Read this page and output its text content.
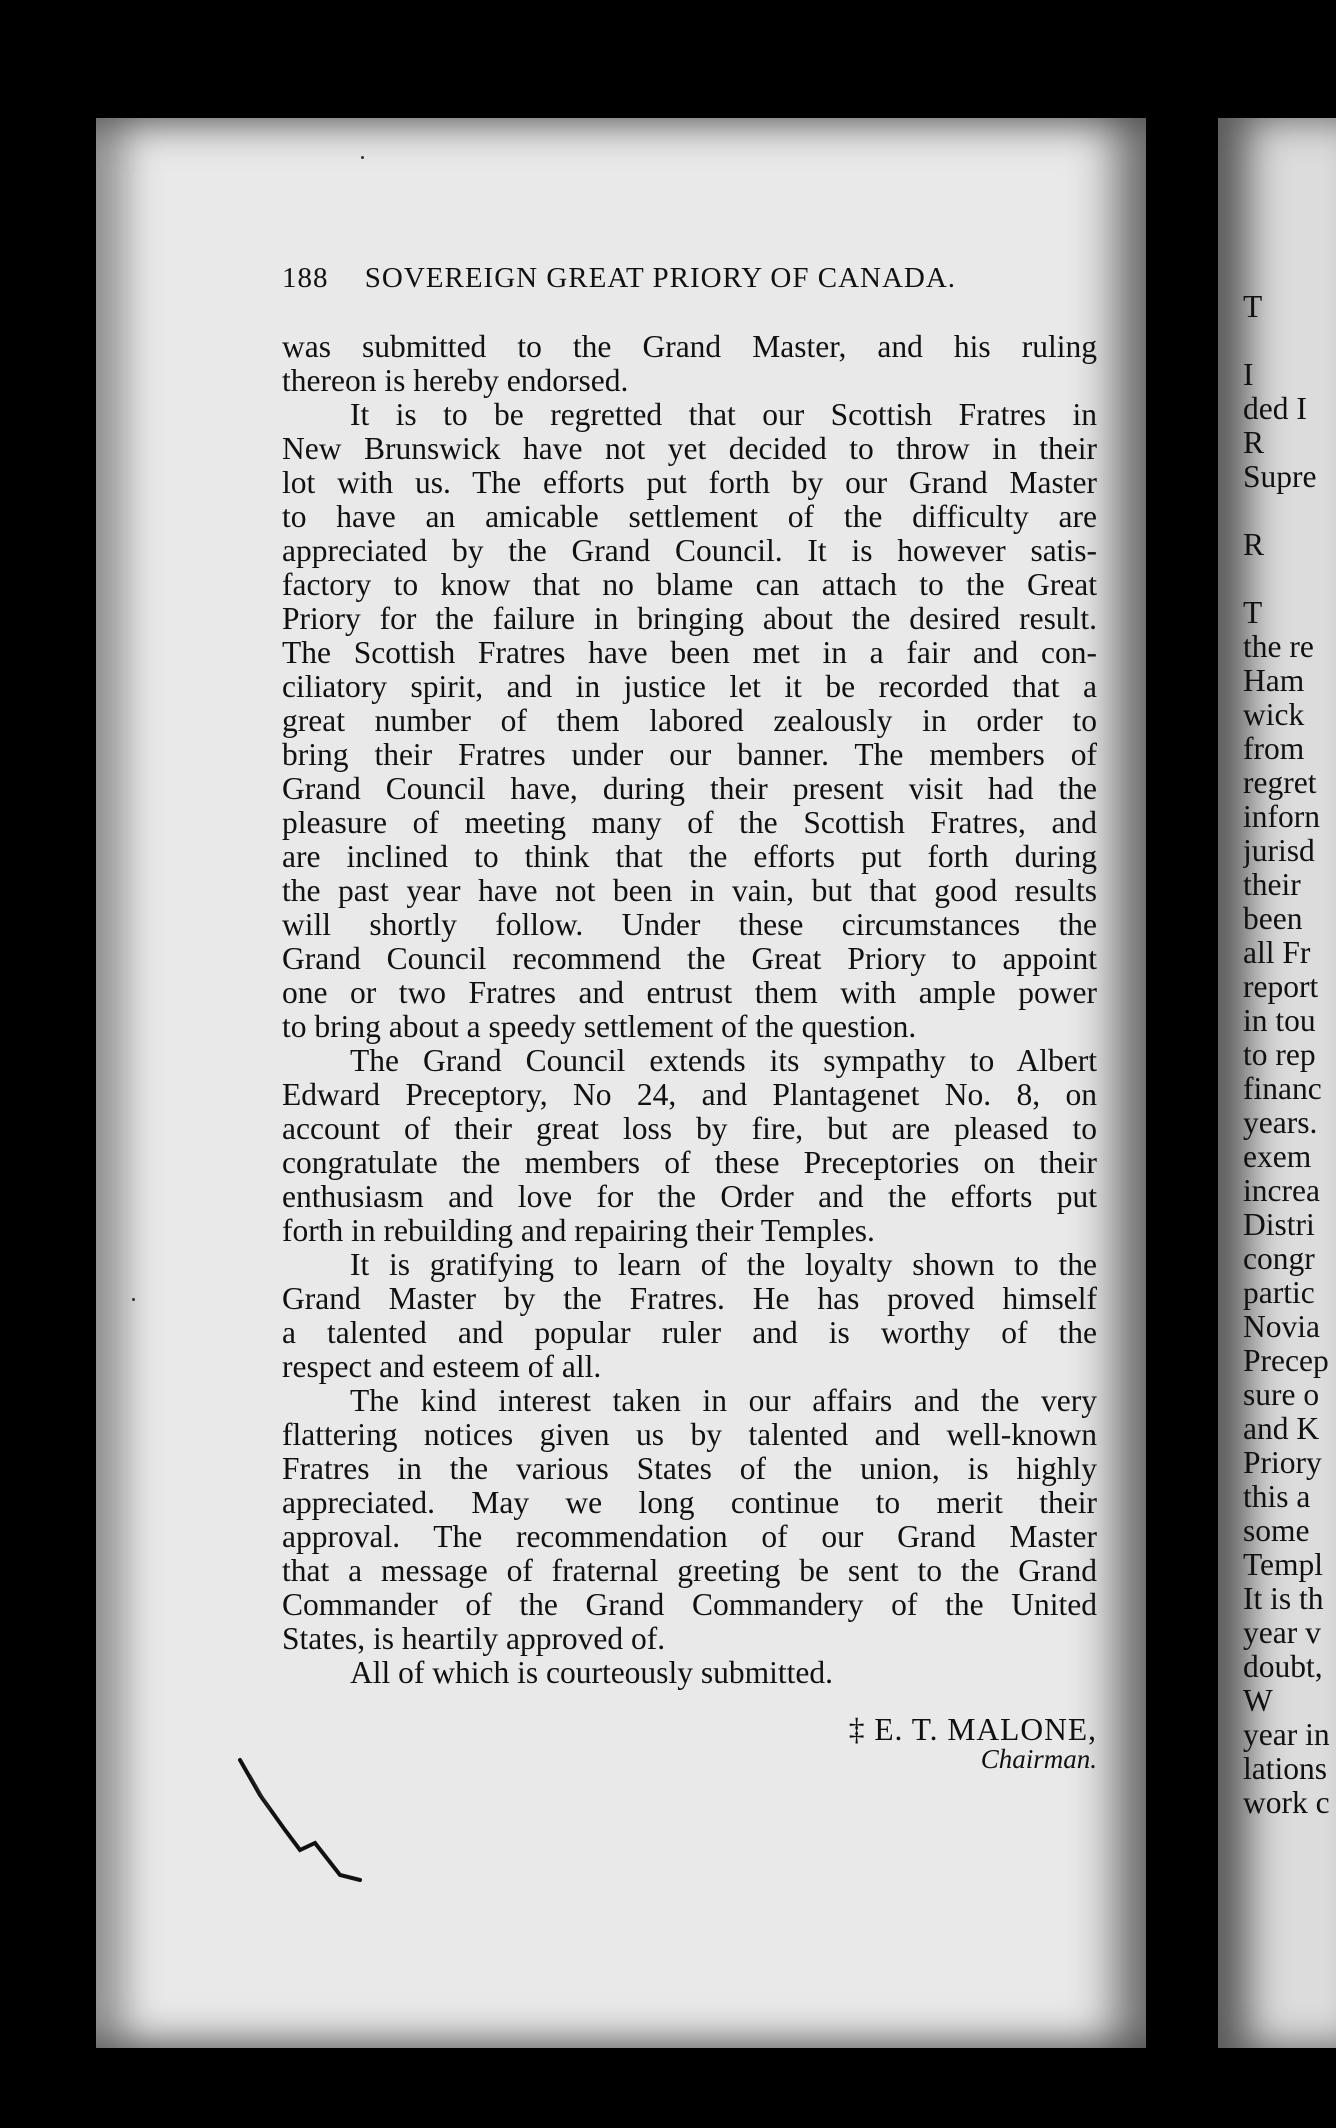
188 SOVEREIGN GREAT PRIORY OF CANADA.
was submitted to the Grand Master, and his ruling
thereon is hereby endorsed.
It is to be regretted that our Scottish Fratres in
New Brunswick have not yet decided to throw in their
lot with us. The efforts put forth by our Grand Master
to have an amicable settlement of the difficulty are
appreciated by the Grand Council. It is however satis-
factory to know that no blame can attach to the Great
Priory for the failure in bringing about the desired result.
The Scottish Fratres have been met in a fair and con-
ciliatory spirit, and in justice let it be recorded that a
great number of them labored zealously in order to
bring their Fratres under our banner. The members of
Grand Council have, during their present visit had the
pleasure of meeting many of the Scottish Fratres, and
are inclined to think that the efforts put forth during
the past year have not been in vain, but that good results
will shortly follow. Under these circumstances the
Grand Council recommend the Great Priory to appoint
one or two Fratres and entrust them with ample power
to bring about a speedy settlement of the question.
The Grand Council extends its sympathy to Albert
Edward Preceptory, No 24, and Plantagenet No. 8, on
account of their great loss by fire, but are pleased to
congratulate the members of these Preceptories on their
enthusiasm and love for the Order and the efforts put
forth in rebuilding and repairing their Temples.
It is gratifying to learn of the loyalty shown to the
Grand Master by the Fratres. He has proved himself
a talented and popular ruler and is worthy of the
respect and esteem of all.
The kind interest taken in our affairs and the very
flattering notices given us by talented and well-known
Fratres in the various States of the union, is highly
appreciated. May we long continue to merit their
approval. The recommendation of our Grand Master
that a message of fraternal greeting be sent to the Grand
Commander of the Grand Commandery of the United
States, is heartily approved of.
All of which is courteously submitted.
‡ E. T. MALONE,
Chairman.
T
I
ded I
R
Supre
R
T
the re
Ham
wick
from
regret
inforn
jurisd
their
been
all Fr
report
in tou
to rep
financ
years.
exem
increa
Distri
congr
partic
Novia
Precep
sure o
and K
Priory
this a
some
Templ
It is th
year v
doubt,
W
year in
lations
work c
